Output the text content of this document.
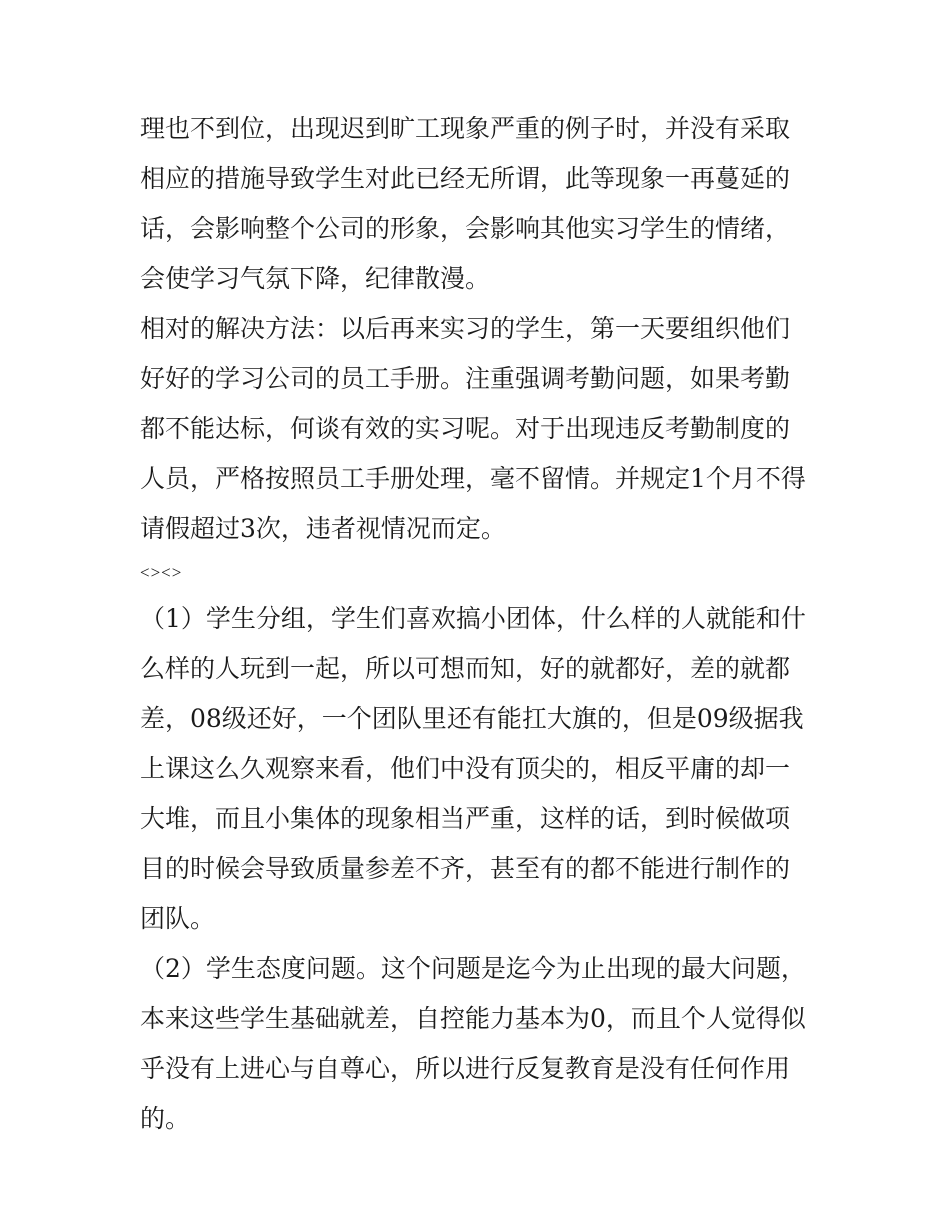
理也不到位，出现迟到旷工现象严重的例子时，并没有采取相应的措施导致学生对此已经无所谓，此等现象一再蔓延的话，会影响整个公司的形象，会影响其他实习学生的情绪，会使学习气氛下降，纪律散漫。

相对的解决方法：以后再来实习的学生，第一天要组织他们好好的学习公司的员工手册。注重强调考勤问题，如果考勤都不能达标，何谈有效的实习呢。对于出现违反考勤制度的人员，严格按照员工手册处理，毫不留情。并规定1个月不得请假超过3次，违者视情况而定。

<><>

（1）学生分组，学生们喜欢搞小团体，什么样的人就能和什么样的人玩到一起，所以可想而知，好的就都好，差的就都差，08级还好，一个团队里还有能扛大旗的，但是09级据我上课这么久观察来看，他们中没有顶尖的，相反平庸的却一大堆，而且小集体的现象相当严重，这样的话，到时候做项目的时候会导致质量参差不齐，甚至有的都不能进行制作的团队。

（2）学生态度问题。这个问题是迄今为止出现的最大问题，本来这些学生基础就差，自控能力基本为0，而且个人觉得似乎没有上进心与自尊心，所以进行反复教育是没有任何作用的。
